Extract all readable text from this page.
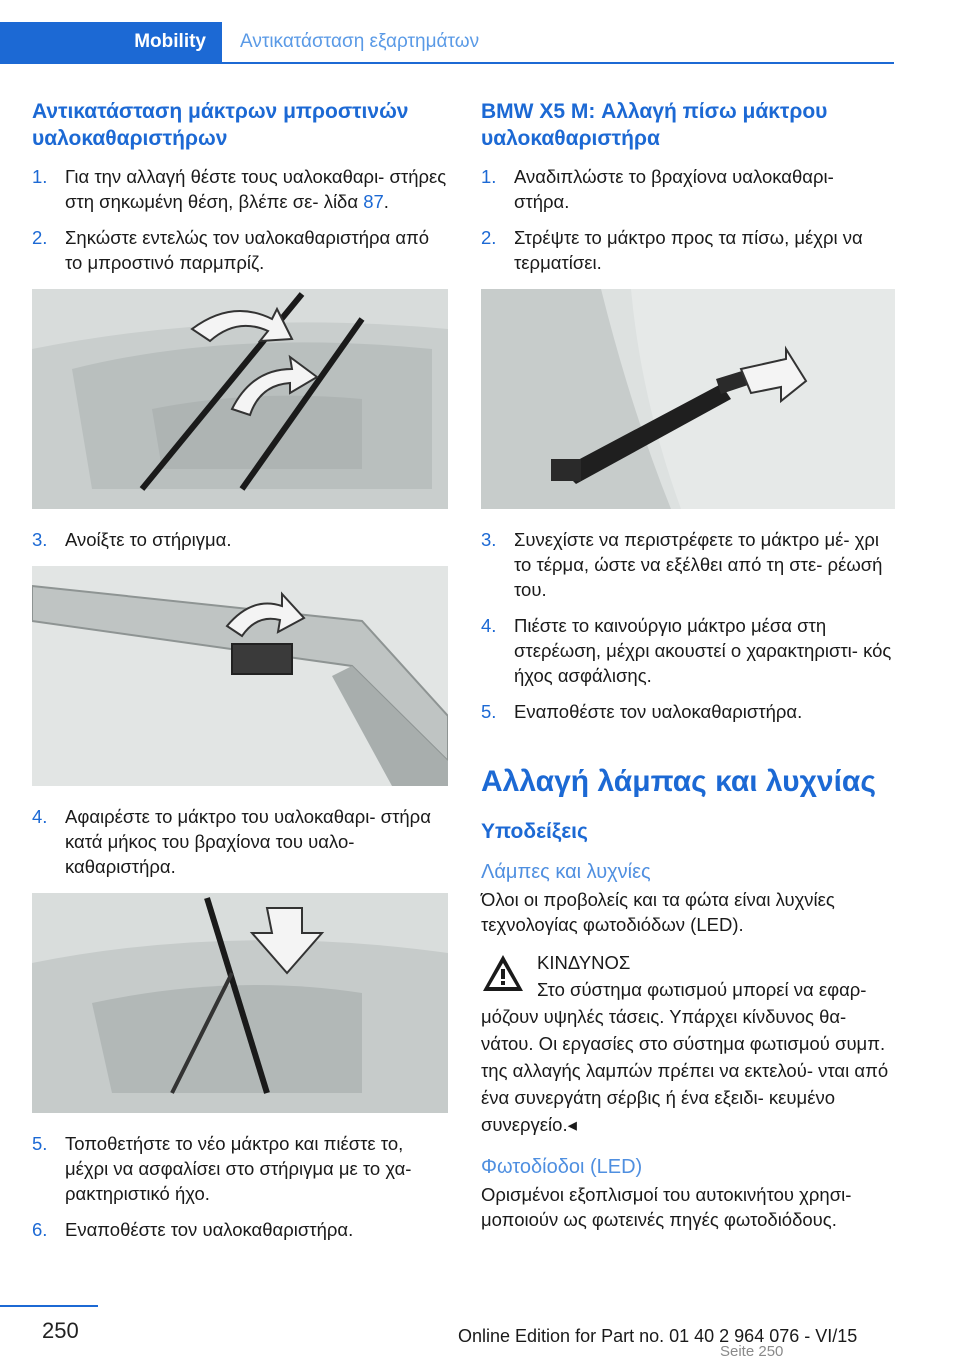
Mobility Αντικατάσταση εξαρτημάτων
Αντικατάσταση μάκτρων μπροστινών υαλοκαθαριστήρων
1. Για την αλλαγή θέστε τους υαλοκαθαρι‐ στήρες στη σηκωμένη θέση, βλέπε σε‐ λίδα 87.
2. Σηκώστε εντελώς τον υαλοκαθαριστήρα από το μπροστινό παρμπρίζ.
3. Ανοίξτε το στήριγμα.
4. Αφαιρέστε το μάκτρο του υαλοκαθαρι‐ στήρα κατά μήκος του βραχίονα του υαλο‐ καθαριστήρα.
5. Τοποθετήστε το νέο μάκτρο και πιέστε το, μέχρι να ασφαλίσει στο στήριγμα με το χα‐ ρακτηριστικό ήχο.
6. Εναποθέστε τον υαλοκαθαριστήρα.
BMW X5 M: Αλλαγή πίσω μάκτρου υαλοκαθαριστήρα
1. Αναδιπλώστε το βραχίονα υαλοκαθαρι‐ στήρα.
2. Στρέψτε το μάκτρο προς τα πίσω, μέχρι να τερματίσει.
3. Συνεχίστε να περιστρέφετε το μάκτρο μέ‐ χρι το τέρμα, ώστε να εξέλθει από τη στε‐ ρέωσή του.
4. Πιέστε το καινούργιο μάκτρο μέσα στη στερέωση, μέχρι ακουστεί ο χαρακτηριστι‐ κός ήχος ασφάλισης.
5. Εναποθέστε τον υαλοκαθαριστήρα.
Αλλαγή λάμπας και λυχνίας
Υποδείξεις
Λάμπες και λυχνίες
Όλοι οι προβολείς και τα φώτα είναι λυχνίες τεχνολογίας φωτοδιόδων (LED).
ΚΙΝΔΥΝΟΣ
Στο σύστημα φωτισμού μπορεί να εφαρ‐
μόζουν υψηλές τάσεις. Υπάρχει κίνδυνος θα‐ νάτου. Οι εργασίες στο σύστημα φωτισμού συμπ. της αλλαγής λαμπών πρέπει να εκτελού‐ νται από ένα συνεργάτη σέρβις ή ένα εξειδι‐ κευμένο συνεργείο.◂
Φωτοδίοδοι (LED)
Ορισμένοι εξοπλισμοί του αυτοκινήτου χρησι‐ μοποιούν ως φωτεινές πηγές φωτοδιόδους.
250	Online Edition for Part no. 01 40 2 964 076 - VI/15
Seite 250
